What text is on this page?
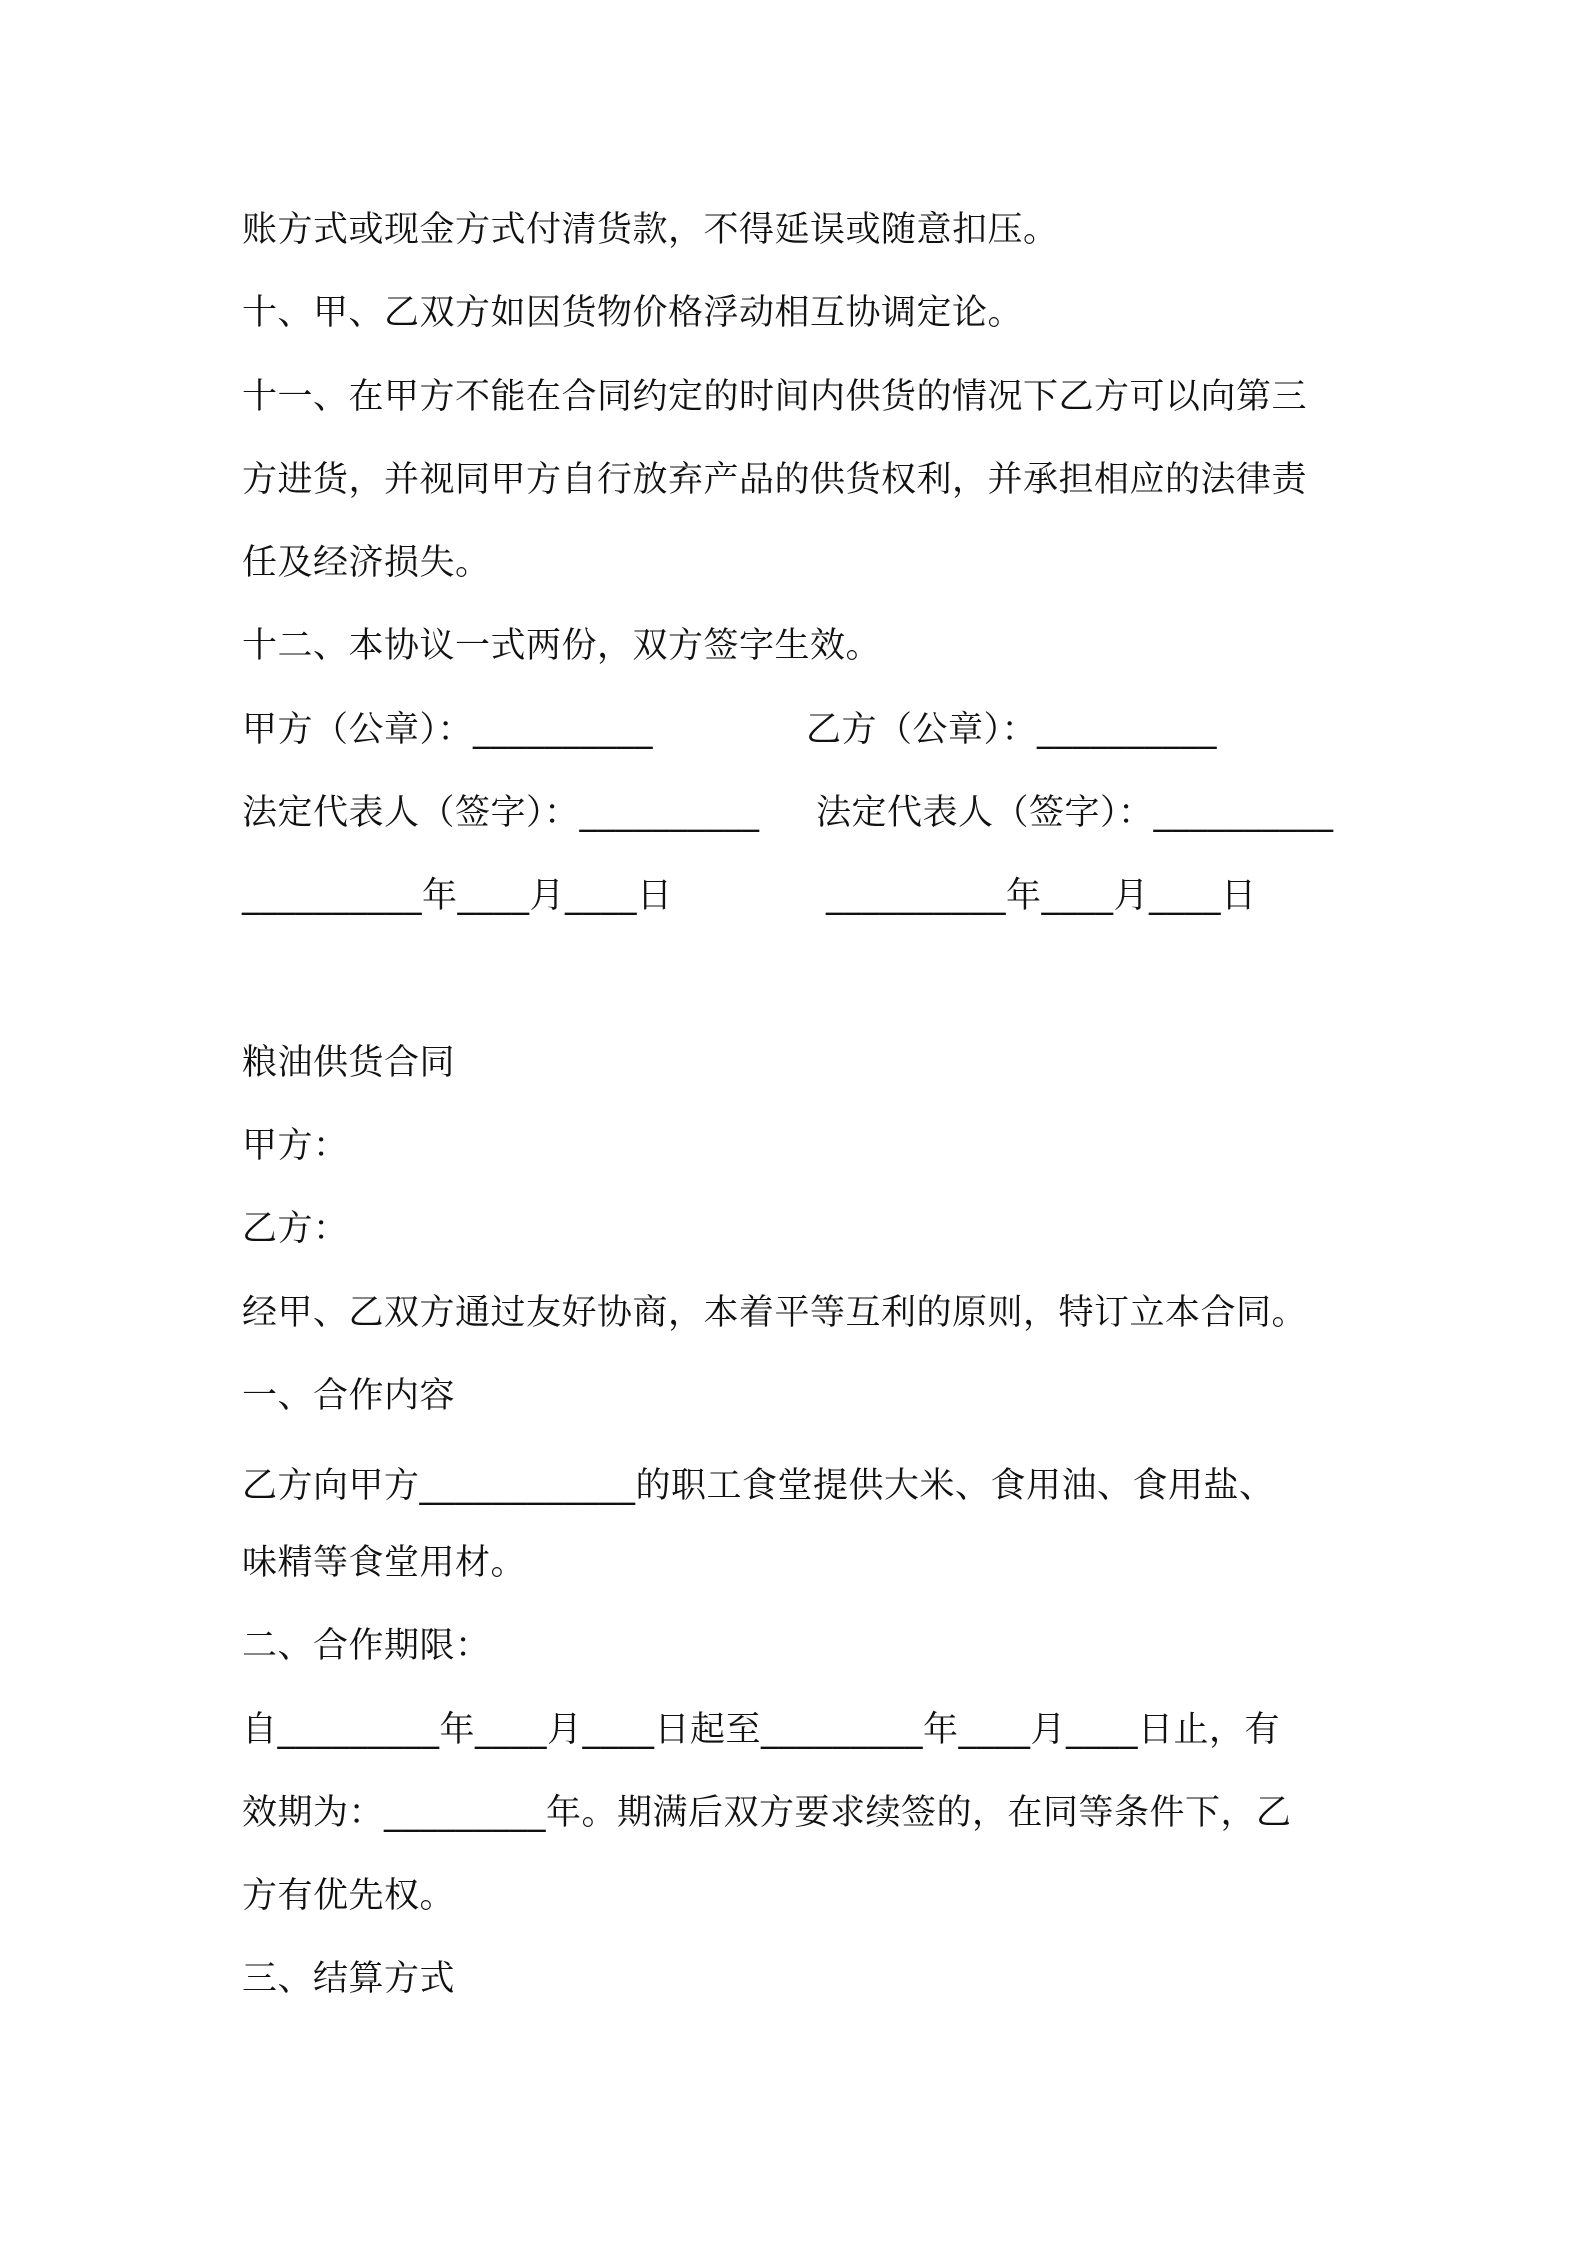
账方式或现金方式付清货款，不得延误或随意扣压。
十、甲、乙双方如因货物价格浮动相互协调定论。
十一、在甲方不能在合同约定的时间内供货的情况下乙方可以向第三
方进货，并视同甲方自行放弃产品的供货权利，并承担相应的法律责
任及经济损失。
十二、本协议一式两份，双方签字生效。
甲方（公章）：__________	乙方（公章）：__________
法定代表人（签字）：__________ 法定代表人（签字）：__________
__________年____月____日	__________年____月____日
粮油供货合同
甲方：
乙方：
经甲、乙双方通过友好协商，本着平等互利的原则，特订立本合同。
一、合作内容
乙方向甲方____________的职工食堂提供大米、食用油、食用盐、
味精等食堂用材。
二、合作期限：
自_________年____月____日起至_________年____月____日止，有
效期为：_________年。期满后双方要求续签的，在同等条件下，乙
方有优先权。
三、结算方式
